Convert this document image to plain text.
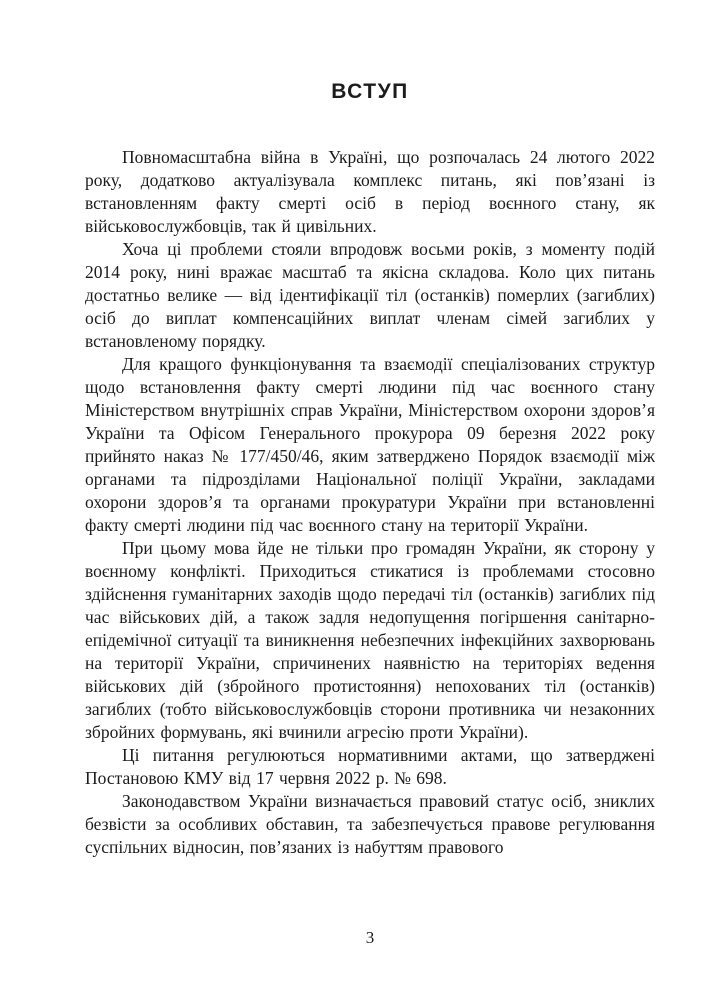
ВСТУП

Повномасштабна війна в Україні, що розпочалась 24 лютого 2022 року, додатково актуалізувала комплекс питань, які пов’язані із встановленням факту смерті осіб в період воєнного стану, як військовослужбовців, так й цивільних.

Хоча ці проблеми стояли впродовж восьми років, з моменту подій 2014 року, нині вражає масштаб та якісна складова. Коло цих питань достатньо велике — від ідентифікації тіл (останків) померлих (загиблих) осіб до виплат компенсаційних виплат членам сімей загиблих у встановленому порядку.

Для кращого функціонування та взаємодії спеціалізованих структур щодо встановлення факту смерті людини під час воєнного стану Міністерством внутрішніх справ України, Міністерством охорони здоров’я України та Офісом Генерального прокурора 09 березня 2022 року прийнято наказ № 177/450/46, яким затверджено Порядок взаємодії між органами та підрозділами Національної поліції України, закладами охорони здоров’я та органами прокуратури України при встановленні факту смерті людини під час воєнного стану на території України.

При цьому мова йде не тільки про громадян України, як сторону у воєнному конфлікті. Приходиться стикатися із проблемами стосовно здійснення гуманітарних заходів щодо передачі тіл (останків) загиблих під час військових дій, а також задля недопущення погіршення санітарно-епідемічної ситуації та виникнення небезпечних інфекційних захворювань на території України, спричинених наявністю на територіях ведення військових дій (збройного протистояння) непохованих тіл (останків) загиблих (тобто військовослужбовців сторони противника чи незаконних збройних формувань, які вчинили агресію проти України).

Ці питання регулюються нормативними актами, що затверджені Постановою КМУ від 17 червня 2022 р. № 698.

Законодавством України визначається правовий статус осіб, зниклих безвісти за особливих обставин, та забезпечується правове регулювання суспільних відносин, пов’язаних із набуттям правового

3
